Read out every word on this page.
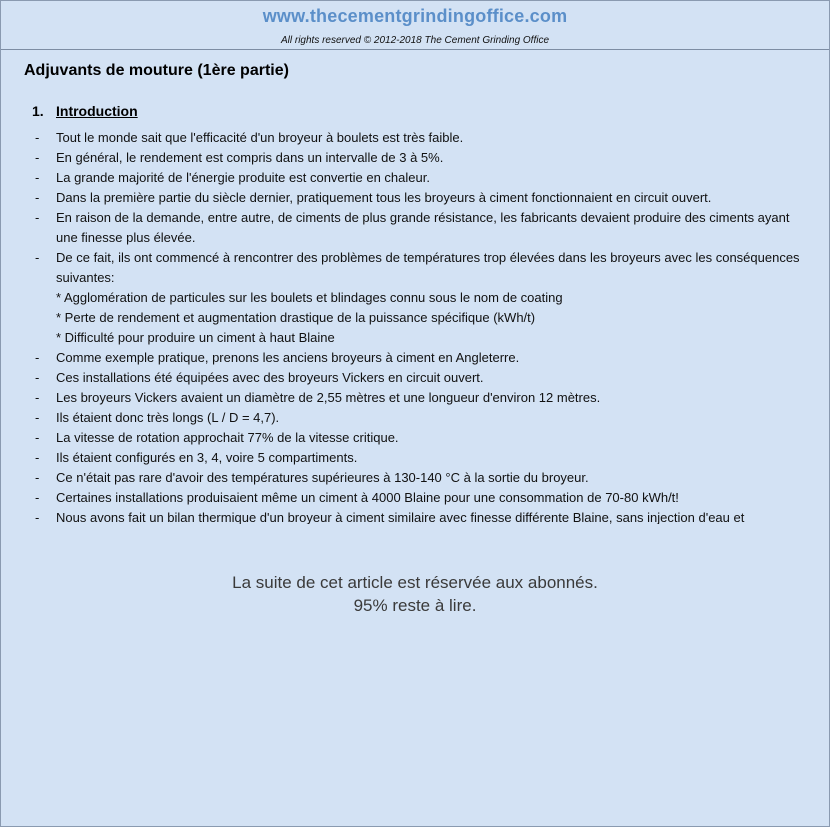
www.thecementgrindingoffice.com
All rights reserved © 2012-2018 The Cement Grinding Office
Adjuvants de mouture (1ère partie)
1. Introduction
- Tout le monde sait que l'efficacité d'un broyeur à boulets est très faible.
- En général, le rendement est compris dans un intervalle de 3 à 5%.
- La grande majorité de l'énergie produite est convertie en chaleur.
- Dans la première partie du siècle dernier, pratiquement tous les broyeurs à ciment fonctionnaient en circuit ouvert.
- En raison de la demande, entre autre, de ciments de plus grande résistance, les fabricants devaient produire des ciments ayant une finesse plus élevée.
- De ce fait, ils ont commencé à rencontrer des problèmes de températures trop élevées dans les broyeurs avec les conséquences suivantes:
* Agglomération de particules sur les boulets et blindages connu sous le nom de coating
* Perte de rendement et augmentation drastique de la puissance spécifique (kWh/t)
* Difficulté pour produire un ciment à haut Blaine
- Comme exemple pratique, prenons les anciens broyeurs à ciment en Angleterre.
- Ces installations été équipées avec des broyeurs Vickers en circuit ouvert.
- Les broyeurs Vickers avaient un diamètre de 2,55 mètres et une longueur d'environ 12 mètres.
- Ils étaient donc très longs (L / D = 4,7).
- La vitesse de rotation approchait 77% de la vitesse critique.
- Ils étaient configurés en 3, 4, voire 5 compartiments.
- Ce n'était pas rare d'avoir des températures supérieures à 130-140 °C à la sortie du broyeur.
- Certaines installations produisaient même un ciment à 4000 Blaine pour une consommation de 70-80 kWh/t!
- Nous avons fait un bilan thermique d'un broyeur à ciment similaire avec finesse différente Blaine, sans injection d'eau et
La suite de cet article est réservée aux abonnés.
95% reste à lire.
